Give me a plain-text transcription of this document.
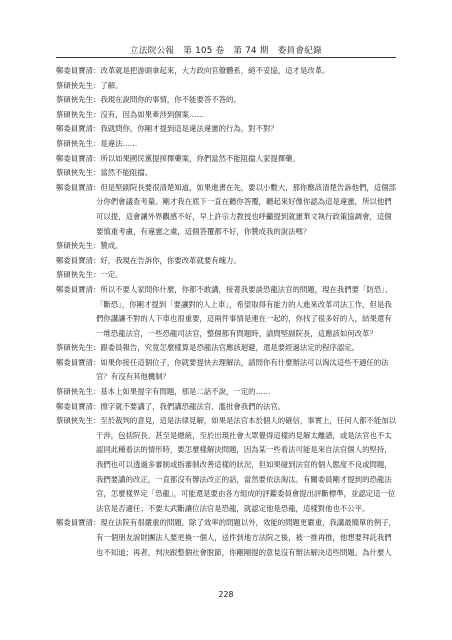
立法院公報　第 105 卷　第 74 期　委員會紀錄

鄭委員寶清：改革就是把游頭拿起來，大力政向官僚體系，絕不妥協，這才是改革。

蔡碩俠先生：了解。

蔡碩俠先生：我現在說問你的事情，你不能要答不答的。

蔡碩俠先生：沒有，因為如果牽涉到個案……

鄭委員寶清：我就問你，你剛才提到這是違法違憲的行為，對不對？

蔡碩俠先生：是違法……

鄭委員寶清：所以如果國民黨提搾擇藥案，你們當然不能阻擋人家提擇藥。

蔡碩俠先生：當然不能阻擋。

鄭委員寶清：但是堅副院長要很清楚知道，如果進書在先，要以小數大，那你應該清楚告訴他們，這個部分你們會議查考量。剛才我在底下一直在聽你答覆，聽起來好像你認為這是違憲，所以他們可以提，這會讓外界觀感不好，早上許宗力教授也呼籲提到就憲華文執行政策協調會，這個要慎重考慮，有違憲之虞，這個答覆都不好，你贊成我的說法嗎？

蔡碩俠先生：贊成。

鄭委員寶清：好，我現在告訴你，你要改革就要有魄力。

蔡碩俠先生：一定。

鄭委員寶清：所以不要人家問你什麼，你都不敢講，接著我要談恐龍法官的問題，現在我們要「防恐」、「斷恐」，你剛才提到「要讓對的人上車」，希望取得有能力的人進來改革司法工作，但是我們你講讓不對的人下車也很重要，這兩件事情是連在一起的，你找了很多好的人，結果還有一堆恐龍法官，一些恐龍司法官，整個都有問題時，請問堅副院長，這應該如何改革？

蔡碩俠先生：跟委員報告，究竟怎麼樣算是恐龍法官應該迴避，還是要經過法定的程序認定。

鄭委員寶清：如果你接任這個位子，你就要提快去理解法，請問你有什麼辦法可以淘汰這些不適任的法官？有沒有其他機制？

蔡碩俠先生：基本上如果提字有問題，那是二話不說，一定的……

鄭委員寶清：擦字就不要講了，我們講恐龍法官、濫批會我們的法官。

蔡碩俠先生：至於裁判的意見，這是法律見解，如果是法官本於個人的確信，事實上，任何人都不能加以干涉，包括院長、甚至是總統，至於出現社會大眾覺得這樣的見解太離譜，或是法官也不太認同此種看法的情形時，要怎麼樣解決問題，因為某一些看法可能是來自法官個人的堅持，我們也可以透過多審制或指審制改善這樣的狀況，但如果碰到法官的個人態度不良或問題，我們要講的改正，一直都沒有辦法改正的話，當然要依法淘汰。有關委員剛才提到的恐龍法官，怎麼樣界定「恐龍」，可能還是要由各方組成的評鑑委員會提出評斷標準，並認定這一位法官是否適任；不要太武斷讓位法官是恐龍，就認定他是恐龍，這樣對他也不公平。

鄭委員寶清：現在法院有很嚴重的問題，除了效率的問題以外，效能的問題更嚴重，我講最簡單的例子，有一個朋友說財團法人要更換一個人，送件到地方法院之後，被一推再推，他想要拜託我們也不知道；再者，判決跟整個社會脫節，你剛剛提的意見沒有辦法解決這些問題。為什麼人

228
